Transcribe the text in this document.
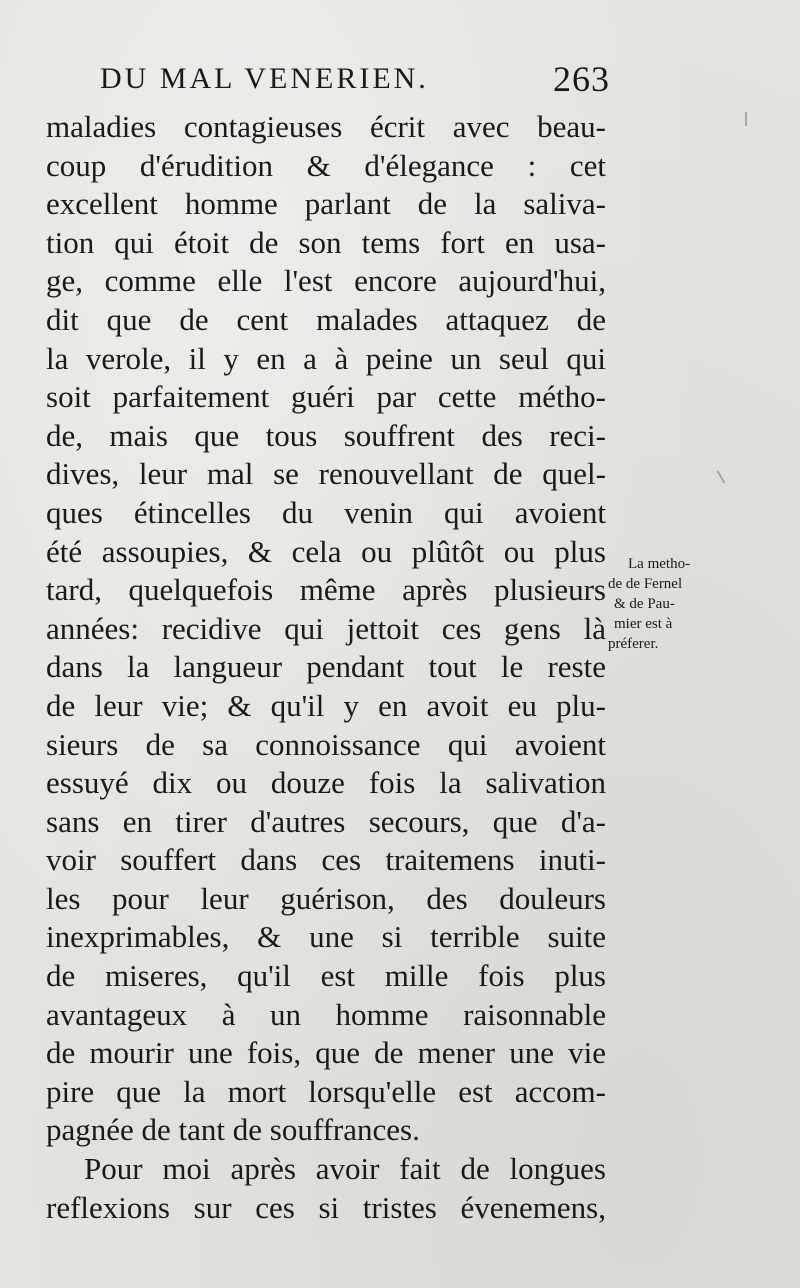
DU MAL VENERIEN.	263
maladies contagieuses écrit avec beau-
coup d'érudition & d'élegance : cet
excellent homme parlant de la saliva-
tion qui étoit de son tems fort en usa-
ge, comme elle l'est encore aujourd'hui,
dit que de cent malades attaquez de
la verole, il y en a à peine un seul qui
soit parfaitement guéri par cette métho-
de, mais que tous souffrent des reci-
dives, leur mal se renouvellant de quel-
ques étincelles du venin qui avoient
été assoupies, & cela ou plûtôt ou plus
tard, quelquefois même après plusieurs
années: recidive qui jettoit ces gens là
dans la langueur pendant tout le reste
de leur vie; & qu'il y en avoit eu plu-
sieurs de sa connoissance qui avoient
essuyé dix ou douze fois la salivation
sans en tirer d'autres secours, que d'a-
voir souffert dans ces traitemens inuti-
les pour leur guérison, des douleurs
inexprimables, & une si terrible suite
de miseres, qu'il est mille fois plus
avantageux à un homme raisonnable
de mourir une fois, que de mener une vie
pire que la mort lorsqu'elle est accom-
pagnée de tant de souffrances.
Pour moi après avoir fait de longues
reflexions sur ces si tristes évenemens,
La metho-
de de Fernel
& de Pau-
mier est à
préferer.
